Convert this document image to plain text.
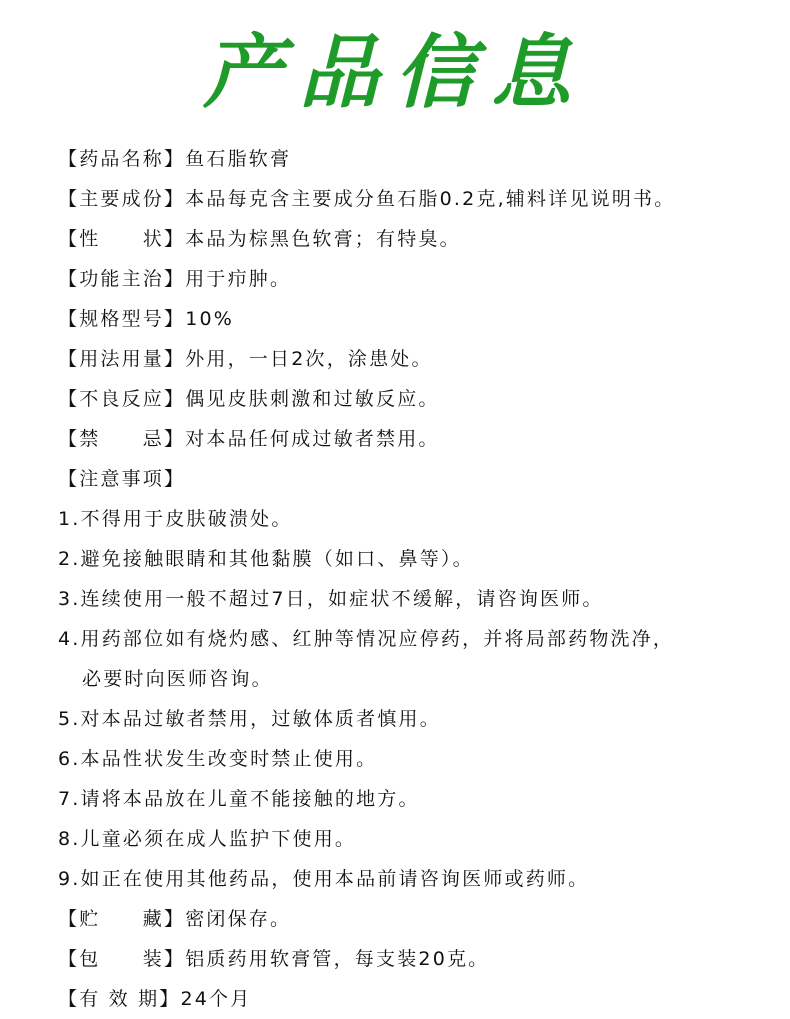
产品信息
【药品名称】鱼石脂软膏
【主要成份】本品每克含主要成分鱼石脂0.2克,辅料详见说明书。
【性　　状】本品为棕黑色软膏；有特臭。
【功能主治】用于疖肿。
【规格型号】10%
【用法用量】外用，一日2次，涂患处。
【不良反应】偶见皮肤刺激和过敏反应。
【禁　　忌】对本品任何成过敏者禁用。
【注意事项】
1.不得用于皮肤破溃处。
2.避免接触眼睛和其他黏膜（如口、鼻等）。
3.连续使用一般不超过7日，如症状不缓解，请咨询医师。
4.用药部位如有烧灼感、红肿等情况应停药，并将局部药物洗净，
必要时向医师咨询。
5.对本品过敏者禁用，过敏体质者慎用。
6.本品性状发生改变时禁止使用。
7.请将本品放在儿童不能接触的地方。
8.儿童必须在成人监护下使用。
9.如正在使用其他药品，使用本品前请咨询医师或药师。
【贮　　藏】密闭保存。
【包　　装】铝质药用软膏管，每支装20克。
【有 效 期】24个月
